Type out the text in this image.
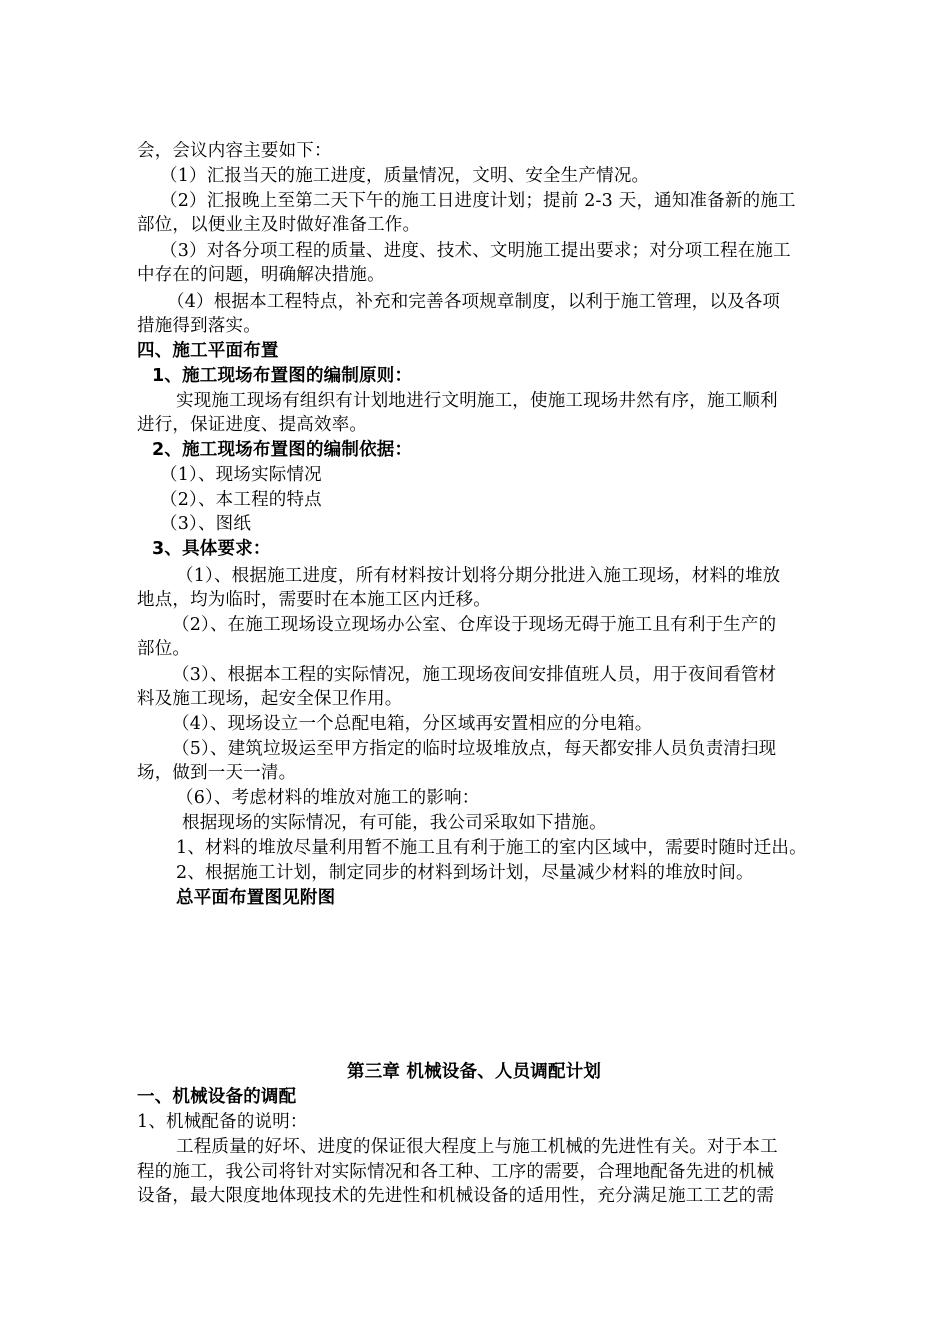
会，会议内容主要如下：
（1）汇报当天的施工进度，质量情况，文明、安全生产情况。
（2）汇报晚上至第二天下午的施工日进度计划；提前 2-3 天，通知准备新的施工
部位，以便业主及时做好准备工作。
（3）对各分项工程的质量、进度、技术、文明施工提出要求；对分项工程在施工
中存在的问题，明确解决措施。
（4）根据本工程特点，补充和完善各项规章制度，以利于施工管理，以及各项
措施得到落实。
四、施工平面布置
1、施工现场布置图的编制原则：
实现施工现场有组织有计划地进行文明施工，使施工现场井然有序，施工顺利
进行，保证进度、提高效率。
2、施工现场布置图的编制依据：
（1）、现场实际情况
（2）、本工程的特点
（3）、图纸
3、具体要求：
（1）、根据施工进度，所有材料按计划将分期分批进入施工现场，材料的堆放
地点，均为临时，需要时在本施工区内迁移。
（2）、在施工现场设立现场办公室、仓库设于现场无碍于施工且有利于生产的
部位。
（3）、根据本工程的实际情况，施工现场夜间安排值班人员，用于夜间看管材
料及施工现场，起安全保卫作用。
（4）、现场设立一个总配电箱，分区域再安置相应的分电箱。
（5）、建筑垃圾运至甲方指定的临时垃圾堆放点，每天都安排人员负责清扫现
场，做到一天一清。
（6）、考虑材料的堆放对施工的影响：
根据现场的实际情况，有可能，我公司采取如下措施。
1、材料的堆放尽量利用暂不施工且有利于施工的室内区域中，需要时随时迁出。
2、根据施工计划，制定同步的材料到场计划，尽量减少材料的堆放时间。
总平面布置图见附图
第三章 机械设备、人员调配计划
一、机械设备的调配
1、机械配备的说明：
工程质量的好坏、进度的保证很大程度上与施工机械的先进性有关。对于本工
程的施工，我公司将针对实际情况和各工种、工序的需要，合理地配备先进的机械
设备，最大限度地体现技术的先进性和机械设备的适用性，充分满足施工工艺的需
